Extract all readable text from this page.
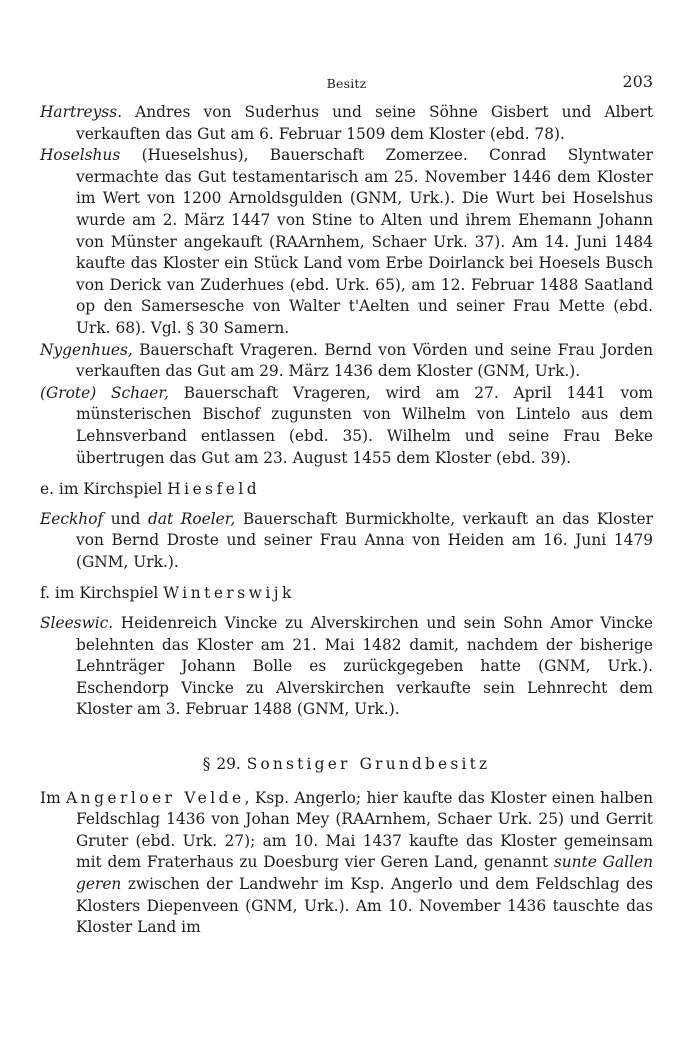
Besitz	203

Hartreyss. Andres von Suderhus und seine Söhne Gisbert und Albert verkauften das Gut am 6. Februar 1509 dem Kloster (ebd. 78).

Hoselshus (Hueselshus), Bauerschaft Zomerzee. Conrad Slyntwater vermachte das Gut testamentarisch am 25. November 1446 dem Kloster im Wert von 1200 Arnoldsgulden (GNM, Urk.). Die Wurt bei Hoselshus wurde am 2. März 1447 von Stine to Alten und ihrem Ehemann Johann von Münster angekauft (RAArnhem, Schaer Urk. 37). Am 14. Juni 1484 kaufte das Kloster ein Stück Land vom Erbe Doirlanck bei Hoesels Busch von Derick van Zuderhues (ebd. Urk. 65), am 12. Februar 1488 Saatland op den Samersesche von Walter t'Aelten und seiner Frau Mette (ebd. Urk. 68). Vgl. § 30 Samern.

Nygenhues, Bauerschaft Vrageren. Bernd von Vörden und seine Frau Jorden verkauften das Gut am 29. März 1436 dem Kloster (GNM, Urk.).

(Grote) Schaer, Bauerschaft Vrageren, wird am 27. April 1441 vom münsterischen Bischof zugunsten von Wilhelm von Lintelo aus dem Lehnsverband entlassen (ebd. 35). Wilhelm und seine Frau Beke übertrugen das Gut am 23. August 1455 dem Kloster (ebd. 39).

e. im Kirchspiel Hiesfeld

Eeckhof und dat Roeler, Bauerschaft Burmickholte, verkauft an das Kloster von Bernd Droste und seiner Frau Anna von Heiden am 16. Juni 1479 (GNM, Urk.).

f. im Kirchspiel Winterswijk

Sleeswic. Heidenreich Vincke zu Alverskirchen und sein Sohn Amor Vincke belehnten das Kloster am 21. Mai 1482 damit, nachdem der bisherige Lehnträger Johann Bolle es zurückgegeben hatte (GNM, Urk.). Eschendorp Vincke zu Alverskirchen verkaufte sein Lehnrecht dem Kloster am 3. Februar 1488 (GNM, Urk.).

§ 29. Sonstiger Grundbesitz

Im Angerloer Velde, Ksp. Angerlo; hier kaufte das Kloster einen halben Feldschlag 1436 von Johan Mey (RAArnhem, Schaer Urk. 25) und Gerrit Gruter (ebd. Urk. 27); am 10. Mai 1437 kaufte das Kloster gemeinsam mit dem Fraterhaus zu Doesburg vier Geren Land, genannt sunte Gallen geren zwischen der Landwehr im Ksp. Angerlo und dem Feldschlag des Klosters Diepenveen (GNM, Urk.). Am 10. November 1436 tauschte das Kloster Land im
